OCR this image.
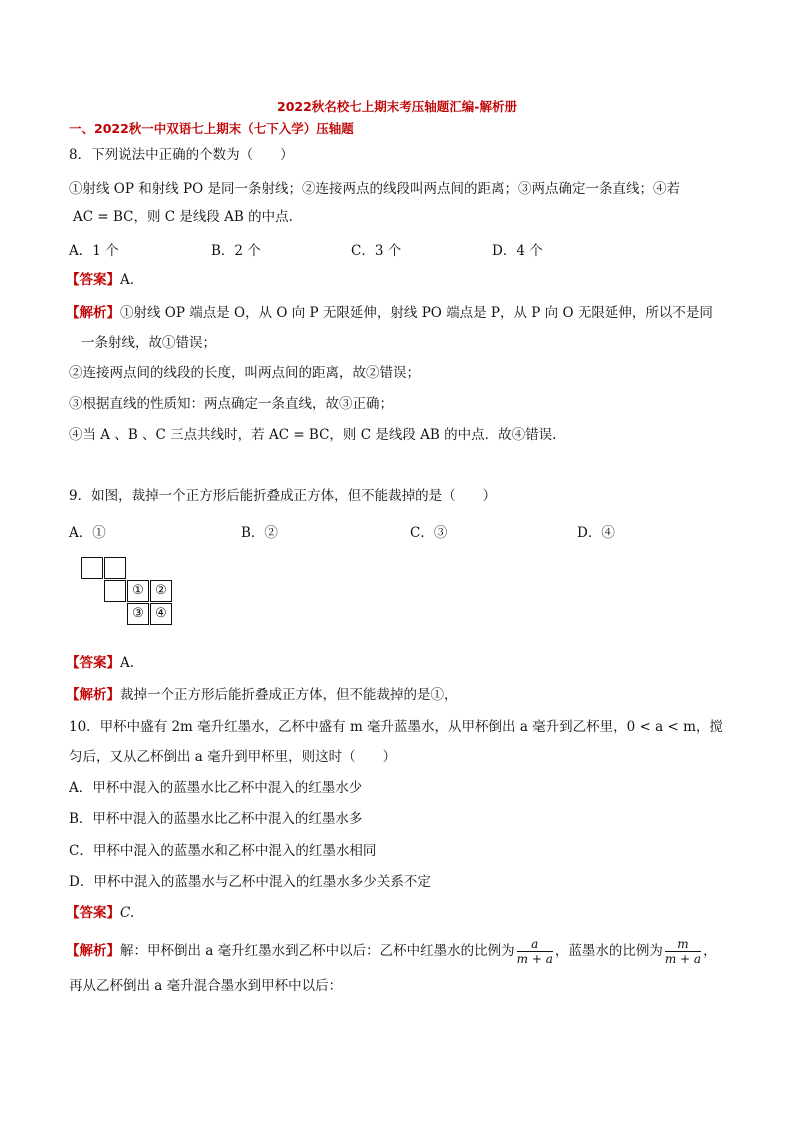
2022秋名校七上期末考压轴题汇编-解析册
一、2022秋一中双语七上期末（七下入学）压轴题
8．下列说法中正确的个数为（　　）
①射线 OP 和射线 PO 是同一条射线；②连接两点的线段叫两点间的距离；③两点确定一条直线；④若
AC = BC，则 C 是线段 AB 的中点.
A．1 个	B．2 个	C．3 个	D．4 个
【答案】A.
【解析】①射线 OP 端点是 O，从 O 向 P 无限延伸，射线 PO 端点是 P，从 P 向 O 无限延伸，所以不是同
一条射线，故①错误；
②连接两点间的线段的长度，叫两点间的距离，故②错误；
③根据直线的性质知：两点确定一条直线，故③正确；
④当 A 、B 、C 三点共线时，若 AC = BC，则 C 是线段 AB 的中点．故④错误.
9．如图，裁掉一个正方形后能折叠成正方体，但不能裁掉的是（　　）
A．①	B．②	C．③	D．④
① ②
③ ④
【答案】A.
【解析】裁掉一个正方形后能折叠成正方体，但不能裁掉的是①，
10．甲杯中盛有 2m 毫升红墨水，乙杯中盛有 m 毫升蓝墨水，从甲杯倒出 a 毫升到乙杯里，0 < a < m，搅
匀后，又从乙杯倒出 a 毫升到甲杯里，则这时（　　）
A．甲杯中混入的蓝墨水比乙杯中混入的红墨水少
B．甲杯中混入的蓝墨水比乙杯中混入的红墨水多
C．甲杯中混入的蓝墨水和乙杯中混入的红墨水相同
D．甲杯中混入的蓝墨水与乙杯中混入的红墨水多少关系不定
【答案】C.
【解析】解：甲杯倒出 a 毫升红墨水到乙杯中以后：乙杯中红墨水的比例为 $\frac{a}{m + a}$ ，蓝墨水的比例为 $\frac{m}{m + a}$ ，
再从乙杯倒出 a 毫升混合墨水到甲杯中以后：
